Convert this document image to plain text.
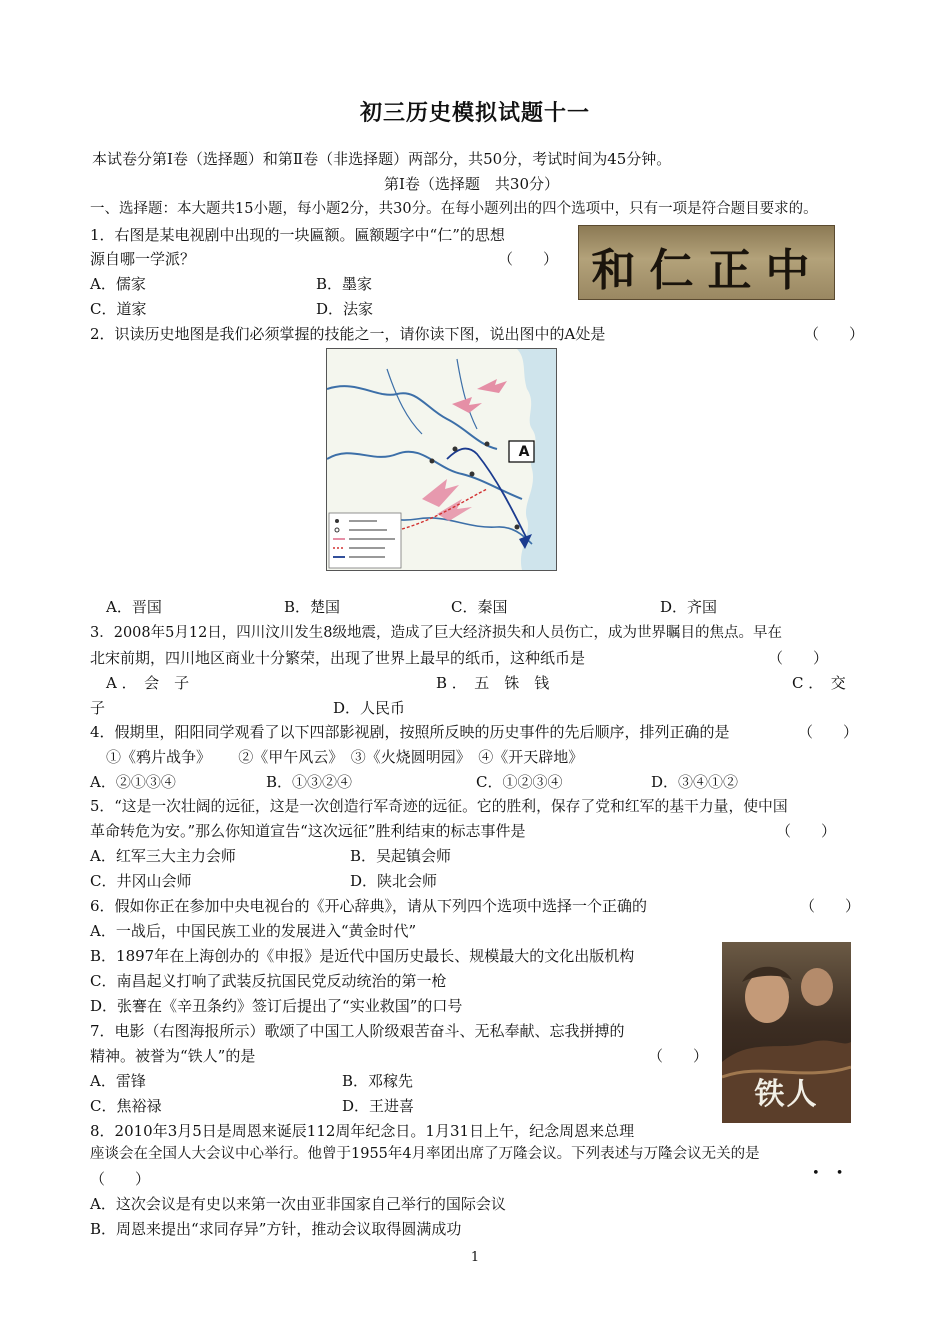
初三历史模拟试题十一
本试卷分第Ⅰ卷（选择题）和第Ⅱ卷（非选择题）两部分，共50分，考试时间为45分钟。
第Ⅰ卷（选择题　共30分）
一、选择题：本大题共15小题，每小题2分，共30分。在每小题列出的四个选项中，只有一项是符合题目要求的。
1．右图是某电视剧中出现的一块匾额。匾额题字中“仁”的思想
源自哪一学派？	（　　）
A．儒家	B．墨家
C．道家	D．法家
和仁正中
2．识读历史地图是我们必须掌握的技能之一，请你读下图，说出图中的A处是	（　　）
A
A．晋国	B．楚国	C．秦国	D．齐国
3．2008年5月12日，四川汶川发生8级地震，造成了巨大经济损失和人员伤亡，成为世界瞩目的焦点。早在
北宋前期，四川地区商业十分繁荣，出现了世界上最早的纸币，这种纸币是	（　　）
A ．　会　子	B ．　五　铢　钱	C ．　交
子	D．人民币
4．假期里，阳阳同学观看了以下四部影视剧，按照所反映的历史事件的先后顺序，排列正确的是	（　　）
①《鸦片战争》　　 ②《甲午风云》　③《火烧圆明园》　④《开天辟地》
A．②①③④	B．①③②④	C．①②③④	D．③④①②
5．“这是一次壮阔的远征，这是一次创造行军奇迹的远征。它的胜利，保存了党和红军的基干力量，使中国
革命转危为安。”那么你知道宣告“这次远征”胜利结束的标志事件是	（　　）
A．红军三大主力会师	B．吴起镇会师
C．井冈山会师	D．陕北会师
6．假如你正在参加中央电视台的《开心辞典》，请从下列四个选项中选择一个正确的	（　　）
A．一战后，中国民族工业的发展进入“黄金时代”
B．1897年在上海创办的《申报》是近代中国历史最长、规模最大的文化出版机构
C．南昌起义打响了武装反抗国民党反动统治的第一枪
D．张謇在《辛丑条约》签订后提出了“实业救国”的口号
铁人
7．电影（右图海报所示）歌颂了中国工人阶级艰苦奋斗、无私奉献、忘我拼搏的
精神。被誉为“铁人”的是	（　　）
A．雷锋	B．邓稼先
C．焦裕禄	D．王进喜
8．2010年3月5日是周恩来诞辰112周年纪念日。1月31日上午，纪念周恩来总理
座谈会在全国人大会议中心举行。他曾于1955年4月率团出席了万隆会议。下列表述与万隆会议无关的是
• •
（　　）
A．这次会议是有史以来第一次由亚非国家自己举行的国际会议
B．周恩来提出“求同存异”方针，推动会议取得圆满成功
1
